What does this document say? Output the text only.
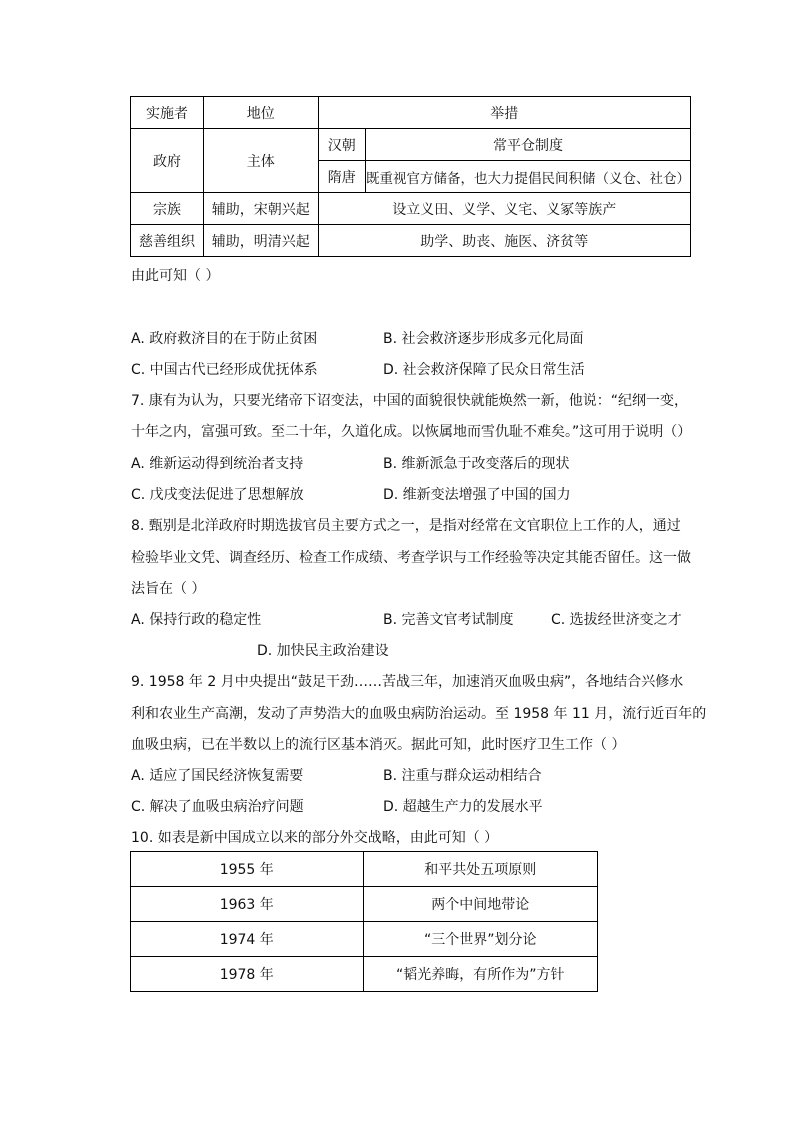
实施者	地位	举措	
政府	主体	汉朝	常平仓制度
		隋唐	既重视官方储备，也大力提倡民间积储（义仓、社仓）
宗族	辅助，宋朝兴起	设立义田、义学、义宅、义冢等族产	
慈善组织	辅助，明清兴起	助学、助丧、施医、济贫等	
由此可知（ ）
A. 政府救济目的在于防止贫困	B. 社会救济逐步形成多元化局面
C. 中国古代已经形成优抚体系	D. 社会救济保障了民众日常生活
7. 康有为认为，只要光绪帝下诏变法，中国的面貌很快就能焕然一新，他说：“纪纲一变，
十年之内，富强可致。至二十年，久道化成。以恢属地而雪仇耻不难矣。”这可用于说明（）
A. 维新运动得到统治者支持	B. 维新派急于改变落后的现状
C. 戊戌变法促进了思想解放	D. 维新变法增强了中国的国力
8. 甄别是北洋政府时期选拔官员主要方式之一，是指对经常在文官职位上工作的人，通过
检验毕业文凭、调查经历、检查工作成绩、考查学识与工作经验等决定其能否留任。这一做
法旨在（ ）
A. 保持行政的稳定性	B. 完善文官考试制度	C. 选拔经世济变之才
D. 加快民主政治建设
9. 1958 年 2 月中央提出“鼓足干劲……苦战三年，加速消灭血吸虫病”，各地结合兴修水
利和农业生产高潮，发动了声势浩大的血吸虫病防治运动。至 1958 年 11 月，流行近百年的
血吸虫病，已在半数以上的流行区基本消灭。据此可知，此时医疗卫生工作（ ）
A. 适应了国民经济恢复需要	B. 注重与群众运动相结合
C. 解决了血吸虫病治疗问题	D. 超越生产力的发展水平
10. 如表是新中国成立以来的部分外交战略，由此可知（ ）
1955 年	和平共处五项原则
1963 年	两个中间地带论
1974 年	“三个世界”划分论
1978 年	“韬光养晦，有所作为”方针
